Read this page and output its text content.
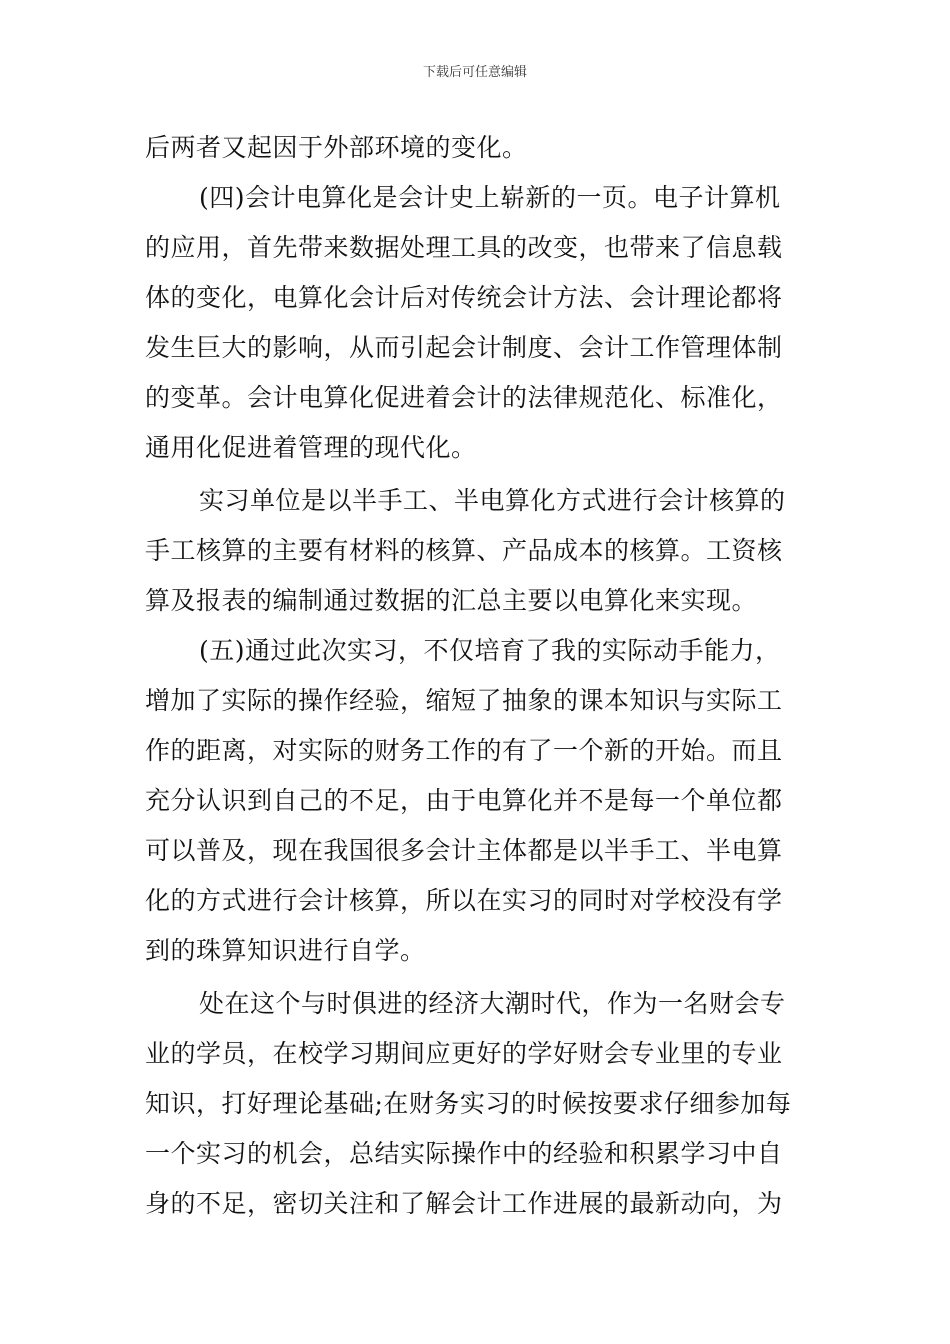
下载后可任意编辑
后两者又起因于外部环境的变化。
(四)会计电算化是会计史上崭新的一页。电子计算机
的应用，首先带来数据处理工具的改变，也带来了信息载
体的变化，电算化会计后对传统会计方法、会计理论都将
发生巨大的影响，从而引起会计制度、会计工作管理体制
的变革。会计电算化促进着会计的法律规范化、标准化，
通用化促进着管理的现代化。
实习单位是以半手工、半电算化方式进行会计核算的
手工核算的主要有材料的核算、产品成本的核算。工资核
算及报表的编制通过数据的汇总主要以电算化来实现。
(五)通过此次实习，不仅培育了我的实际动手能力，
增加了实际的操作经验，缩短了抽象的课本知识与实际工
作的距离，对实际的财务工作的有了一个新的开始。而且
充分认识到自己的不足，由于电算化并不是每一个单位都
可以普及，现在我国很多会计主体都是以半手工、半电算
化的方式进行会计核算，所以在实习的同时对学校没有学
到的珠算知识进行自学。
处在这个与时俱进的经济大潮时代，作为一名财会专
业的学员，在校学习期间应更好的学好财会专业里的专业
知识，打好理论基础;在财务实习的时候按要求仔细参加每
一个实习的机会，总结实际操作中的经验和积累学习中自
身的不足，密切关注和了解会计工作进展的最新动向，为
